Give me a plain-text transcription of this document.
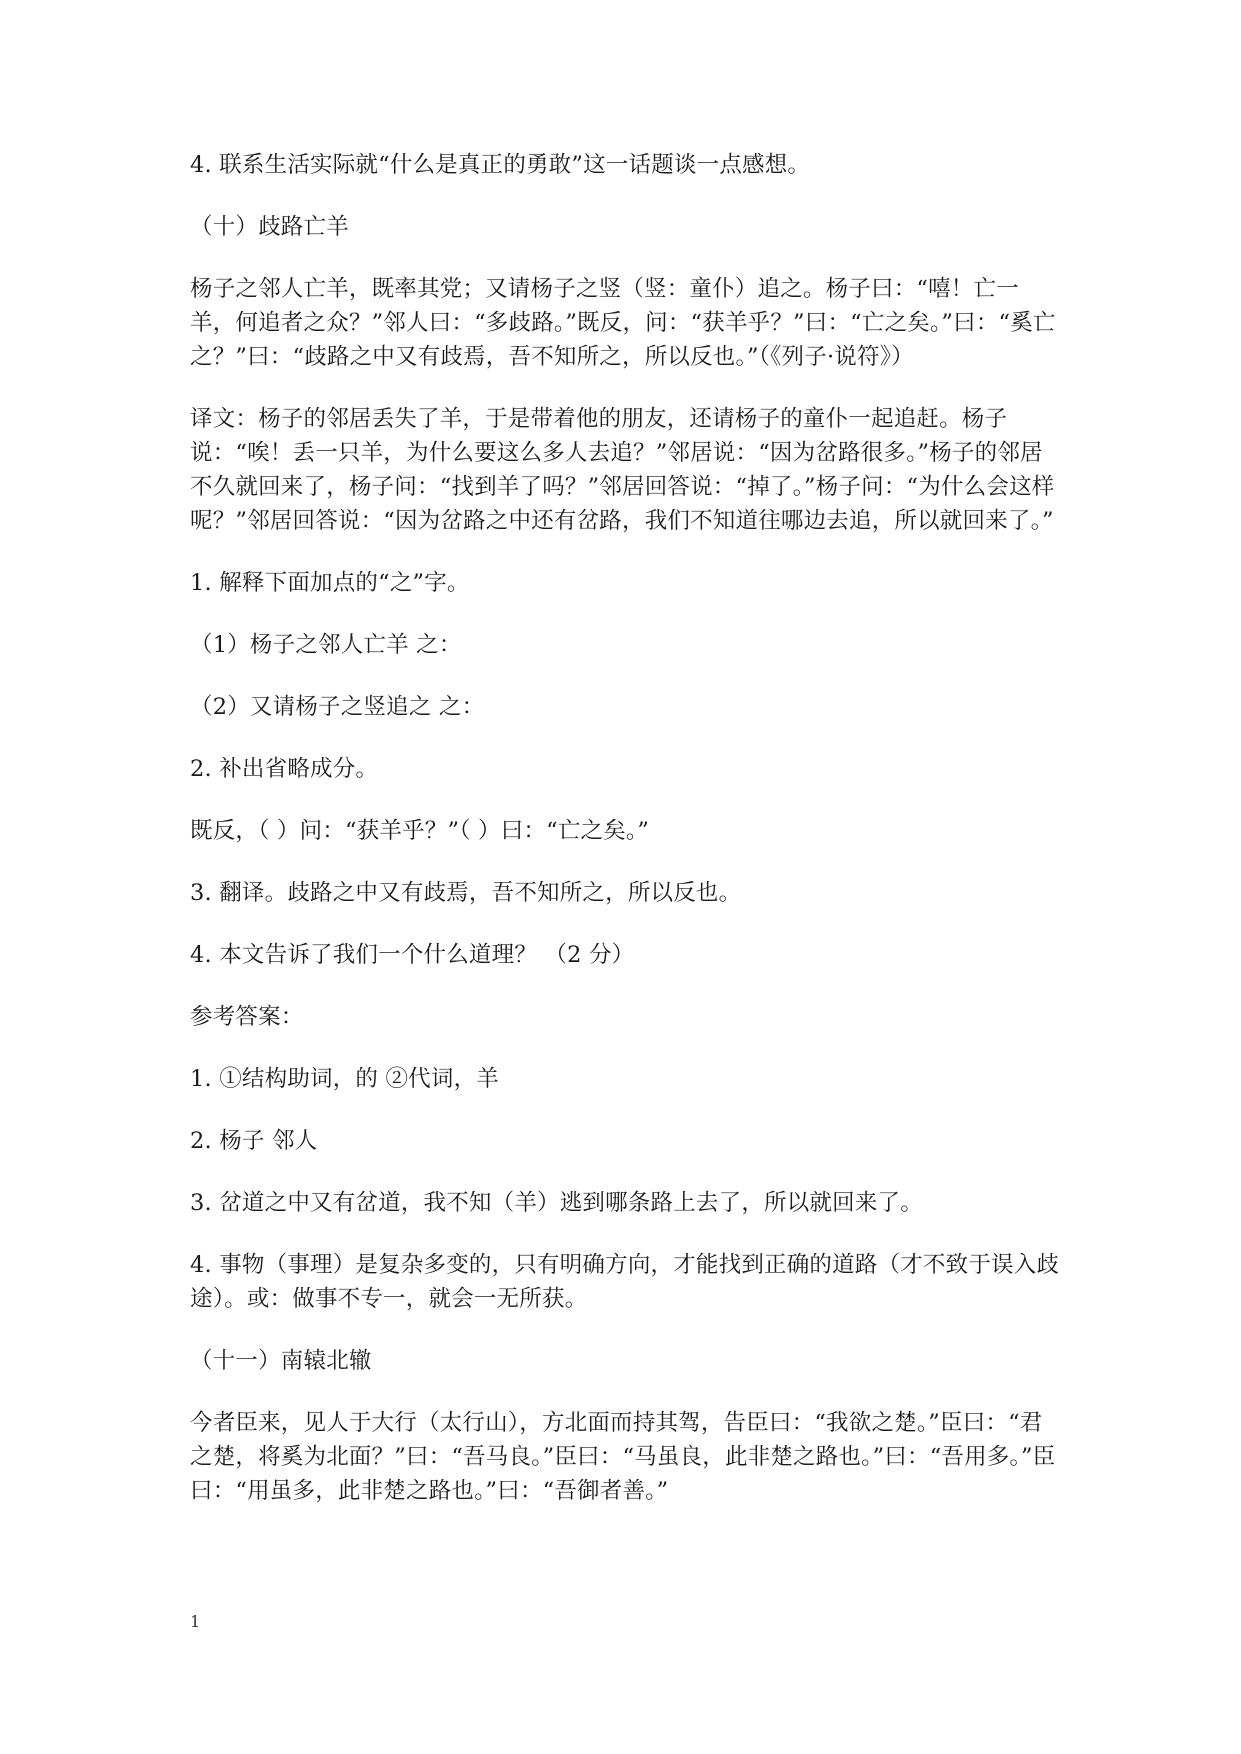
4. 联系生活实际就“什么是真正的勇敢”这一话题谈一点感想。

（十）歧路亡羊

杨子之邻人亡羊，既率其党；又请杨子之竖（竖：童仆）追之。杨子曰：“嘻！亡一羊，何追者之众？”邻人曰：“多歧路。”既反，问：“获羊乎？”曰：“亡之矣。”曰：“奚亡之？”曰：“歧路之中又有歧焉，吾不知所之，所以反也。”（《列子·说符》）

译文：杨子的邻居丢失了羊，于是带着他的朋友，还请杨子的童仆一起追赶。杨子说：“唉！丢一只羊，为什么要这么多人去追？”邻居说：“因为岔路很多。”杨子的邻居不久就回来了，杨子问：“找到羊了吗？”邻居回答说：“掉了。”杨子问：“为什么会这样呢？”邻居回答说：“因为岔路之中还有岔路，我们不知道往哪边去追，所以就回来了。”

1. 解释下面加点的“之”字。

（1）杨子之邻人亡羊 之：

（2）又请杨子之竖追之 之：

2. 补出省略成分。

既反，（ ）问：“获羊乎？”（ ）曰：“亡之矣。”

3. 翻译。歧路之中又有歧焉，吾不知所之，所以反也。

4. 本文告诉了我们一个什么道理？ （2 分）

参考答案：

1. ①结构助词，的 ②代词，羊

2. 杨子 邻人

3. 岔道之中又有岔道，我不知（羊）逃到哪条路上去了，所以就回来了。

4. 事物（事理）是复杂多变的，只有明确方向，才能找到正确的道路（才不致于误入歧途）。或：做事不专一，就会一无所获。

（十一）南辕北辙

今者臣来，见人于大行（太行山），方北面而持其驾，告臣曰：“我欲之楚。”臣曰：“君之楚，将奚为北面？”曰：“吾马良。”臣曰：“马虽良，此非楚之路也。”曰：“吾用多。”臣曰：“用虽多，此非楚之路也。”曰：“吾御者善。”

1
